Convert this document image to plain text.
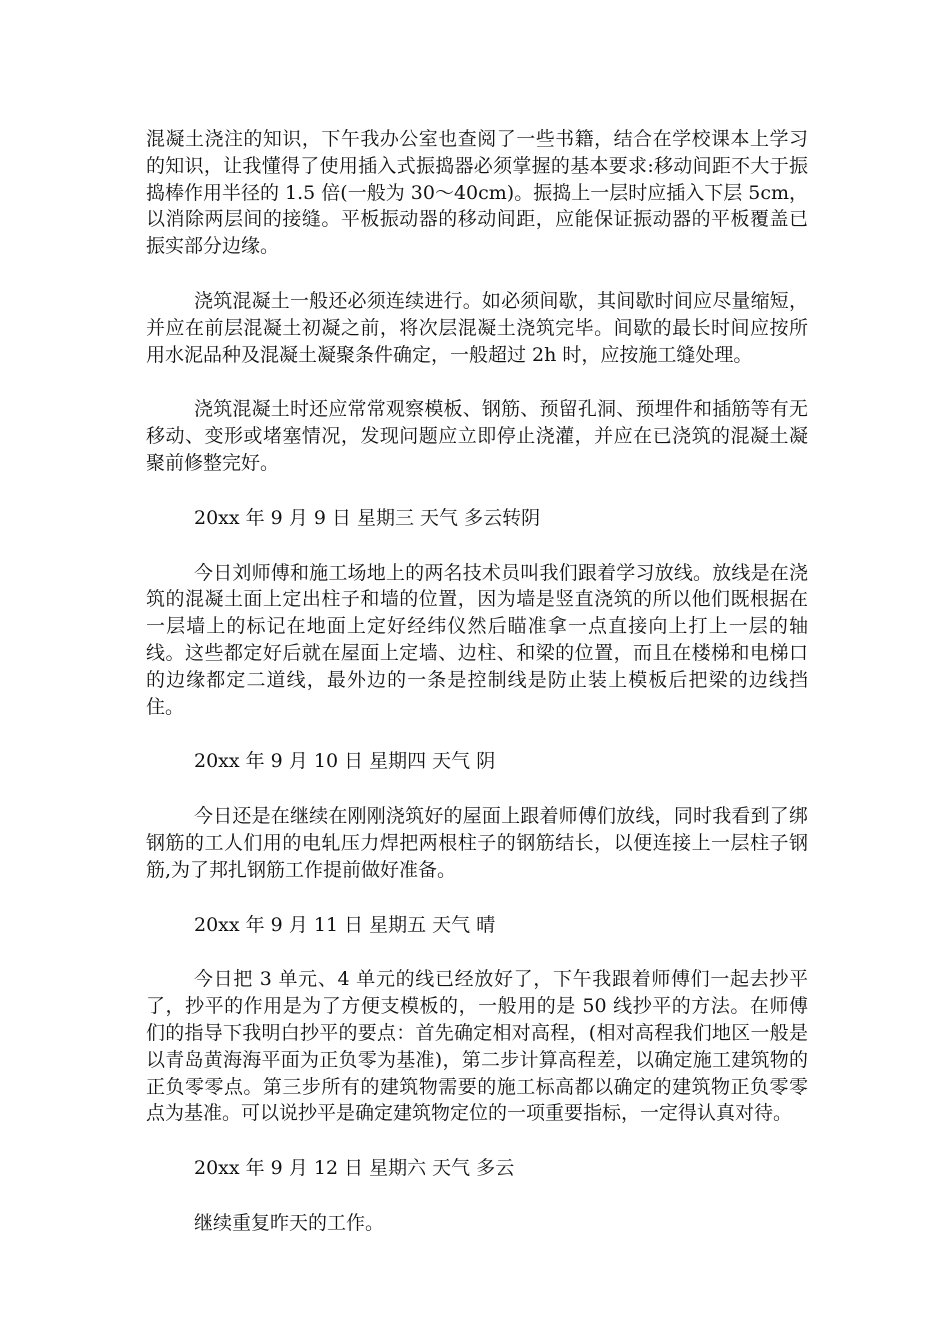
混凝土浇注的知识，下午我办公室也查阅了一些书籍，结合在学校课本上学习的知识，让我懂得了使用插入式振捣器必须掌握的基本要求:移动间距不大于振捣棒作用半径的 1.5 倍(一般为 30～40cm)。振捣上一层时应插入下层 5cm，以消除两层间的接缝。平板振动器的移动间距，应能保证振动器的平板覆盖已振实部分边缘。

浇筑混凝土一般还必须连续进行。如必须间歇，其间歇时间应尽量缩短，并应在前层混凝土初凝之前，将次层混凝土浇筑完毕。间歇的最长时间应按所用水泥品种及混凝土凝聚条件确定，一般超过 2h 时，应按施工缝处理。

浇筑混凝土时还应常常观察模板、钢筋、预留孔洞、预埋件和插筋等有无移动、变形或堵塞情况，发现问题应立即停止浇灌，并应在已浇筑的混凝土凝聚前修整完好。

20xx 年 9 月 9 日 星期三 天气 多云转阴

今日刘师傅和施工场地上的两名技术员叫我们跟着学习放线。放线是在浇筑的混凝土面上定出柱子和墙的位置，因为墙是竖直浇筑的所以他们既根据在一层墙上的标记在地面上定好经纬仪然后瞄准拿一点直接向上打上一层的轴线。这些都定好后就在屋面上定墙、边柱、和梁的位置，而且在楼梯和电梯口的边缘都定二道线，最外边的一条是控制线是防止装上模板后把梁的边线挡住。

20xx 年 9 月 10 日 星期四 天气 阴

今日还是在继续在刚刚浇筑好的屋面上跟着师傅们放线，同时我看到了绑钢筋的工人们用的电轧压力焊把两根柱子的钢筋结长，以便连接上一层柱子钢筋,为了邦扎钢筋工作提前做好准备。

20xx 年 9 月 11 日 星期五 天气 晴

今日把 3 单元、4 单元的线已经放好了，下午我跟着师傅们一起去抄平了，抄平的作用是为了方便支模板的，一般用的是 50 线抄平的方法。在师傅们的指导下我明白抄平的要点：首先确定相对高程，(相对高程我们地区一般是以青岛黄海海平面为正负零为基准)，第二步计算高程差，以确定施工建筑物的正负零零点。第三步所有的建筑物需要的施工标高都以确定的建筑物正负零零点为基准。可以说抄平是确定建筑物定位的一项重要指标，一定得认真对待。

20xx 年 9 月 12 日 星期六 天气 多云

继续重复昨天的工作。
